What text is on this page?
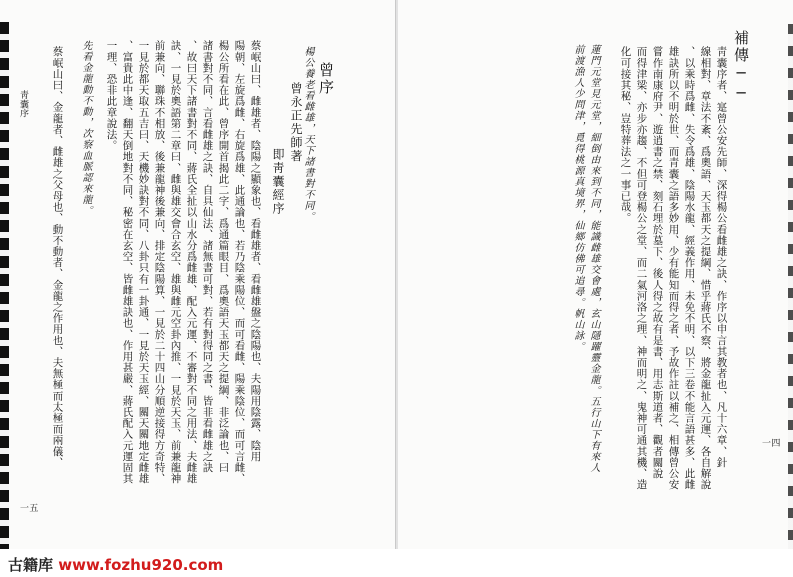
靑囊序
曾序
曾永正先師著
即靑囊經序 楊公養老看雌雄，天下諸書對不同。
蔡岷山曰、雌雄者、陰陽之顯象也、看雌雄者、看雌雄盤之陰陽也、夫陽用陰露、陰用
陽朝、左旋爲雌、右旋爲雄、此通論也、若乃陰乘陽位、而可看雌、陽乘陰位、而可言雌、
楊公所看在此、曾序開首揭此二字、爲通篇眼目、爲奧語天玉都天之提綱、非泛論也、曰
諸書對不同、言看雌雄之訣、自具仙法、諸無書可對、若有對得同之書、皆非看雌雄之訣
、故曰天下諸書對不同、蔣氏全扯以山水分爲雌雄、配入元運、不審對不同之用法、夫雌雄
訣、一見於奧語第二章曰、雌與雄交會合玄空、雄與雌元空卦內推、一見於天玉、前兼龍神
前兼向、聯珠不相放、後兼龍神後兼向、排定陰陽算、一見於二十四山分順逆接得方奇特、
一見於都天取五吉曰、天機妙訣對不同、八卦只有一卦通、一見於天玉經、關天關地定雌雄
、富貴此中逢、翻天倒地對不同、秘密在玄空、皆雌雄訣也、作用甚嚴、蔣氏配入元運固其
一理、恐非此章說法。
先看金龍動不動，次察血脈認來龍。
蔡岷山曰、金龍者、雌雄之父母也、動不動者、金龍之作用也、夫無極而太極而兩儀、
一五
補傳──
靑囊序者、寔曾公安先師、深得楊公看雌雄之訣、作序以申言其教者也、凡十六章、針
線相對、章法不紊、爲奧語、天玉都天之提綱、惜乎蔣氏不察、將金龍扯入元運、各自解說
、以乘時爲雌、失令爲雄、陰陽水龍、經義作用、未免不明、以下三卷不能言語甚多、此雌
雄訣所以不明於世、而青囊之語多妙用、少有能知而得之者、予故作註以補之、相傳曾公安
嘗作南康府尹、遊逍書之禁、刻石埋於墓下、後人得之故有是書、用志斯道者、觀者關說
而得津梁、亦步亦趨、不但可登楊公之堂、而二氣河洛之理、神而明之、鬼神可通其機、造
化可接其秘、豈特葬法之一事已哉。
蓮門元堂見元堂，細倒由來到不同，能識雌雄交會處，玄山隱躍靈金龍。五行山下有來人
前渡漁人少問津，覓得桃源真境界，仙鄉仿佛可追尋。帆山詠。
一四
古籍库 www.fozhu920.com
